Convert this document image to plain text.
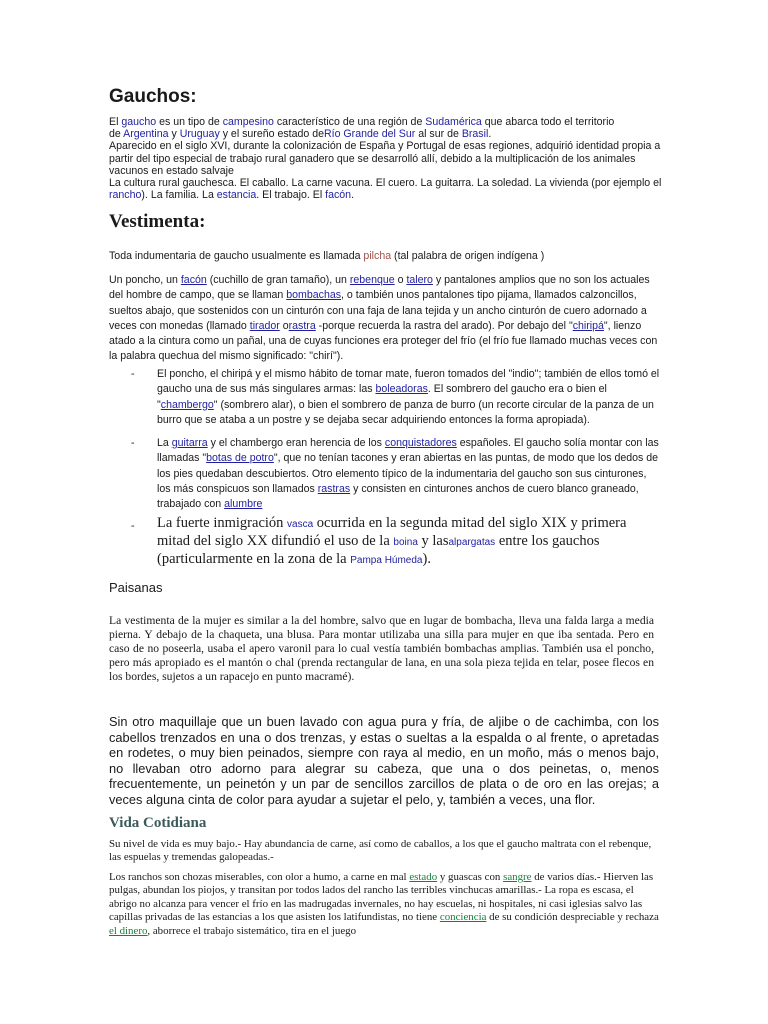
Gauchos:

El gaucho es un tipo de campesino característico de una región de Sudamérica que abarca todo el territorio
de Argentina y Uruguay y el sureño estado deRío Grande del Sur al sur de Brasil.

Aparecido en el siglo XVI, durante la colonización de España y Portugal de esas regiones, adquirió identidad propia a partir del tipo especial de trabajo rural ganadero que se desarrolló allí, debido a la multiplicación de los animales vacunos en estado salvaje

La cultura rural gauchesca. El caballo. La carne vacuna. El cuero. La guitarra. La soledad. La vivienda (por ejemplo el rancho). La familia. La estancia. El trabajo. El facón.

Vestimenta:

Toda indumentaria de gaucho usualmente es llamada pilcha (tal palabra de origen indígena )

Un poncho, un facón (cuchillo de gran tamaño), un rebenque o talero y pantalones amplios que no son los actuales del hombre de campo, que se llaman bombachas, o también unos pantalones tipo pijama, llamados calzoncillos, sueltos abajo, que sostenidos con un cinturón con una faja de lana tejida y un ancho cinturón de cuero adornado a veces con monedas (llamado tirador orastra -porque recuerda la rastra del arado). Por debajo del "chiripá", lienzo atado a la cintura como un pañal, una de cuyas funciones era proteger del frío (el frío fue llamado muchas veces con la palabra quechua del mismo significado: "chirí").

- El poncho, el chiripá y el mismo hábito de tomar mate, fueron tomados del "indio"; también de ellos tomó el gaucho una de sus más singulares armas: las boleadoras. El sombrero del gaucho era o bien el "chambergo" (sombrero alar), o bien el sombrero de panza de burro (un recorte circular de la panza de un burro que se ataba a un postre y se dejaba secar adquiriendo entonces la forma apropiada).
- La guitarra y el chambergo eran herencia de los conquistadores españoles. El gaucho solía montar con las llamadas "botas de potro", que no tenían tacones y eran abiertas en las puntas, de modo que los dedos de los pies quedaban descubiertos. Otro elemento típico de la indumentaria del gaucho son sus cinturones, los más conspicuos son llamados rastras y consisten en cinturones anchos de cuero blanco graneado, trabajado con alumbre
-	La fuerte inmigración vasca ocurrida en la segunda mitad del siglo XIX y primera mitad del siglo XX difundió el uso de la boina y lasalpargatas entre los gauchos (particularmente en la zona de la Pampa Húmeda).

Paisanas

La vestimenta de la mujer es similar a la del hombre, salvo que en lugar de bombacha, lleva una falda larga a media pierna. Y debajo de la chaqueta, una blusa. Para montar utilizaba una silla para mujer en que iba sentada. Pero en caso de no poseerla, usaba el apero varonil para lo cual vestía también bombachas amplias. También usa el poncho, pero más apropiado es el mantón o chal (prenda rectangular de lana, en una sola pieza tejida en telar, posee flecos en los bordes, sujetos a un rapacejo en punto macramé).

Sin otro maquillaje que un buen lavado con agua pura y fría, de aljibe o de cachimba, con los cabellos trenzados en una o dos trenzas, y estas o sueltas a la espalda o al frente, o apretadas en rodetes, o muy bien peinados, siempre con raya al medio, en un moño, más o menos bajo, no llevaban otro adorno para alegrar su cabeza, que una o dos peinetas, o, menos frecuentemente, un peinetón y un par de sencillos zarcillos de plata o de oro en las orejas; a veces alguna cinta de color para ayudar a sujetar el pelo, y, también a veces, una flor.

Vida Cotidiana

Su nivel de vida es muy bajo.- Hay abundancia de carne, así como de caballos, a los que el gaucho maltrata con el rebenque, las espuelas y tremendas galopeadas.-

Los ranchos son chozas miserables, con olor a humo, a carne en mal estado y guascas con sangre de varios días.- Hierven las pulgas, abundan los piojos, y transitan por todos lados del rancho las terribles vinchucas amarillas.- La ropa es escasa, el abrigo no alcanza para vencer el frío en las madrugadas invernales, no hay escuelas, ni hospitales, ni casi iglesias salvo las capillas privadas de las estancias a los que asisten los latifundistas, no tiene conciencia de su condición despreciable y rechaza el dinero, aborrece el trabajo sistemático, tira en el juego
